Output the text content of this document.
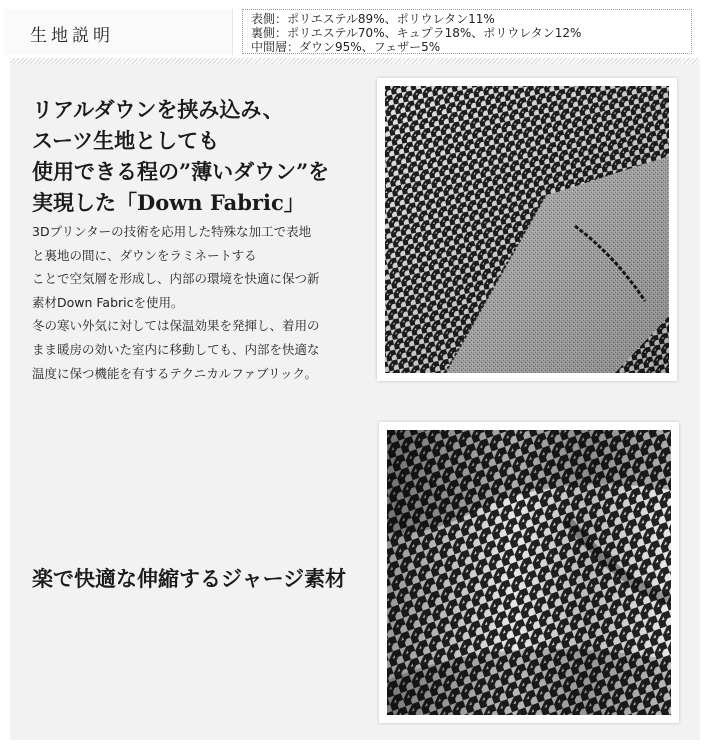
生地説明
表側：ポリエステル89%、ポリウレタン11%
裏側：ポリエステル70%、キュプラ18%、ポリウレタン12%
中間層：ダウン95%、フェザー5%
リアルダウンを挟み込み、
スーツ生地としても
使用できる程の”薄いダウン”を
実現した「Down Fabric」
3Dプリンターの技術を応用した特殊な加工で表地
と裏地の間に、ダウンをラミネートする
ことで空気層を形成し、内部の環境を快適に保つ新
素材Down Fabricを使用。
冬の寒い外気に対しては保温効果を発揮し、着用の
まま暖房の効いた室内に移動しても、内部を快適な
温度に保つ機能を有するテクニカルファブリック。
楽で快適な伸縮するジャージ素材
